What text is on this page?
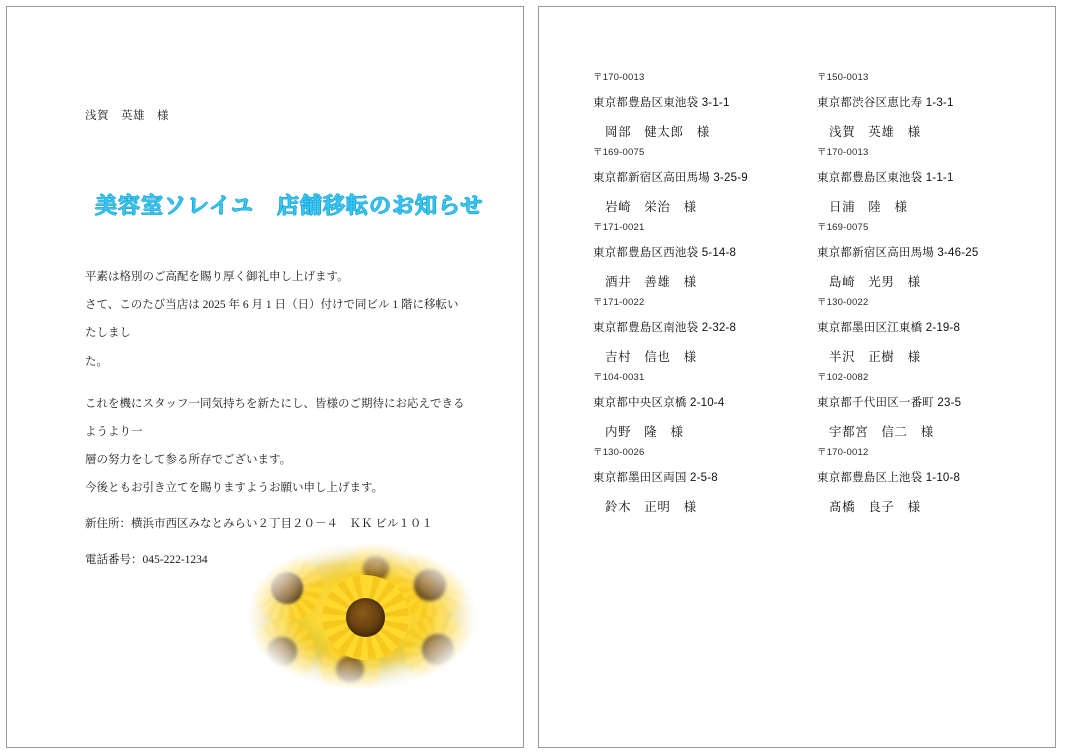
浅賀　英雄　様
美容室ソレイユ　店舗移転のお知らせ
平素は格別のご高配を賜り厚く御礼申し上げます。
さて、このたび当店は 2025 年 6 月 1 日（日）付けで同ビル 1 階に移転いたしまし
た。
これを機にスタッフ一同気持ちを新たにし、皆様のご期待にお応えできるようより一
層の努力をして参る所存でございます。
今後ともお引き立てを賜りますようお願い申し上げます。
新住所：横浜市西区みなとみらい２丁目２０－４　ＫＫ ビル１０１
電話番号：045-222-1234
〒170-0013
東京都豊島区東池袋 3-1-1
岡部　健太郎　様
〒150-0013
東京都渋谷区恵比寿 1-3-1
浅賀　英雄　様
〒169-0075
東京都新宿区高田馬場 3-25-9
岩崎　栄治　様
〒170-0013
東京都豊島区東池袋 1-1-1
日浦　陸　様
〒171-0021
東京都豊島区西池袋 5-14-8
酒井　善雄　様
〒169-0075
東京都新宿区高田馬場 3-46-25
島崎　光男　様
〒171-0022
東京都豊島区南池袋 2-32-8
吉村　信也　様
〒130-0022
東京都墨田区江東橋 2-19-8
半沢　正樹　様
〒104-0031
東京都中央区京橋 2-10-4
内野　隆　様
〒102-0082
東京都千代田区一番町 23-5
宇都宮　信二　様
〒130-0026
東京都墨田区両国 2-5-8
鈴木　正明　様
〒170-0012
東京都豊島区上池袋 1-10-8
髙橋　良子　様
